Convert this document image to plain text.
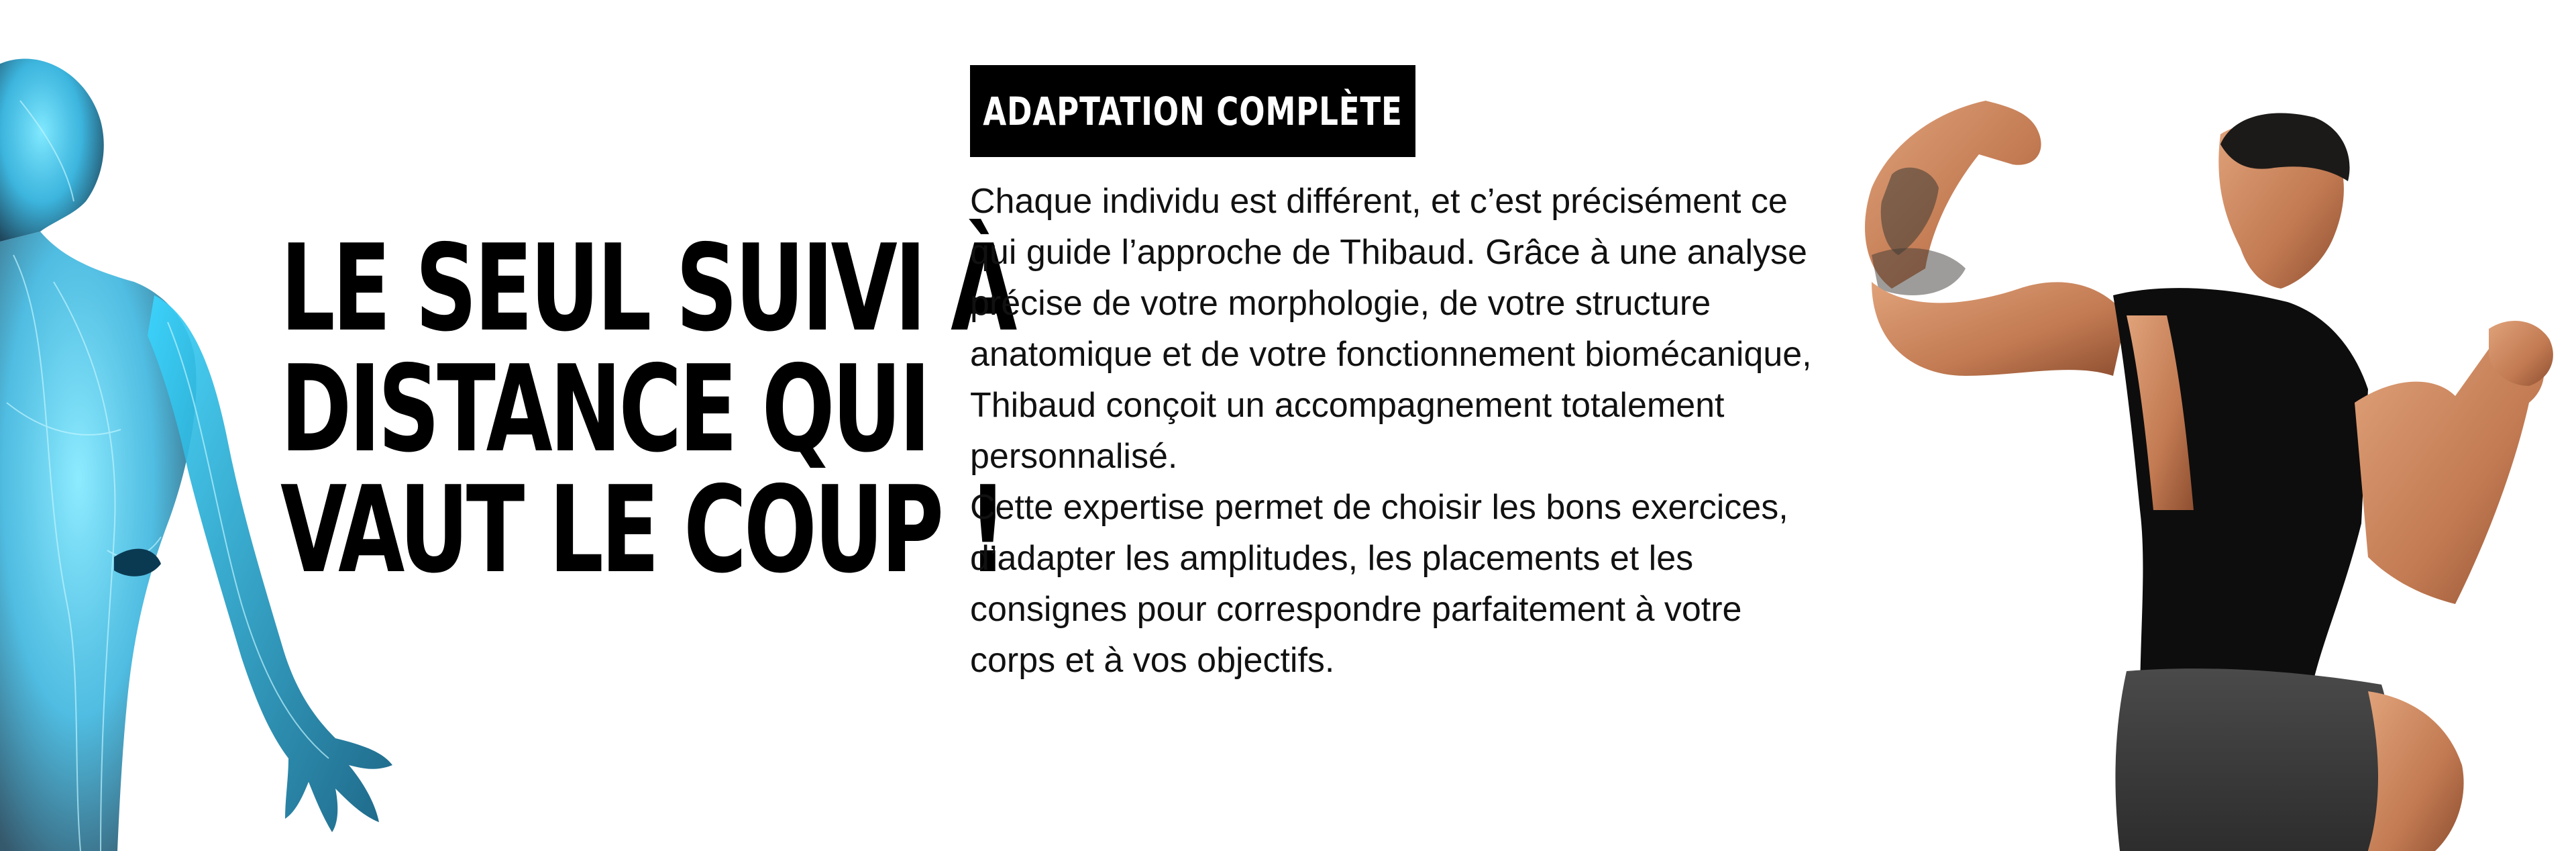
LE SEUL SUIVI À
DISTANCE QUI
VAUT LE COUP !
ADAPTATION COMPLÈTE

Chaque individu est différent, et c’est précisément ce qui guide l’approche de Thibaud. Grâce à une analyse précise de votre morphologie, de votre structure anatomique et de votre fonctionnement biomécanique, Thibaud conçoit un accompagnement totalement personnalisé.

Cette expertise permet de choisir les bons exercices, d’adapter les amplitudes, les placements et les consignes pour correspondre parfaitement à votre corps et à vos objectifs.
